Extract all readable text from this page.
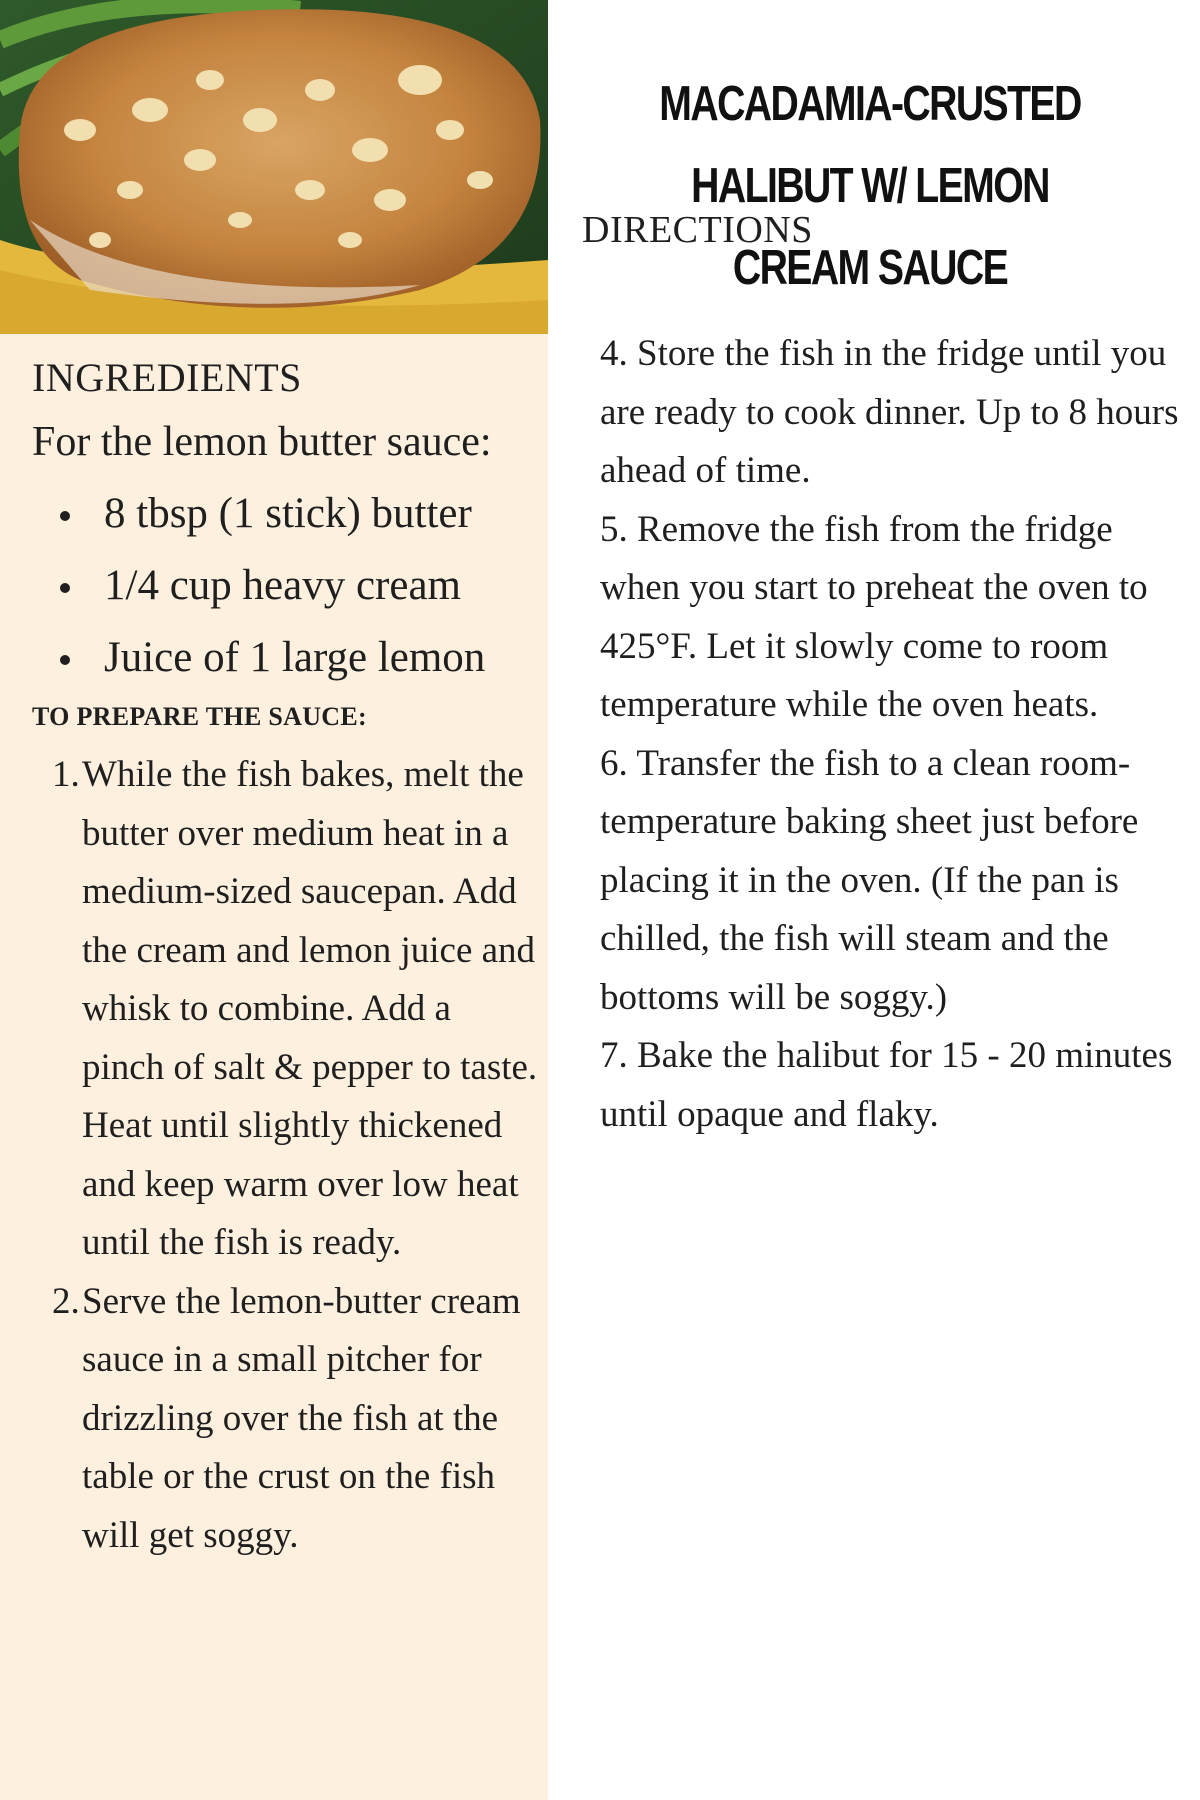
INGREDIENTS

For the lemon butter sauce:

8 tbsp (1 stick) butter
1/4 cup heavy cream
Juice of 1 large lemon
TO PREPARE THE SAUCE:
1. While the fish bakes, melt the butter over medium heat in a medium-sized saucepan. Add the cream and lemon juice and whisk to combine. Add a pinch of salt & pepper to taste. Heat until slightly thickened and keep warm over low heat until the fish is ready.
2. Serve the lemon-butter cream sauce in a small pitcher for drizzling over the fish at the table or the crust on the fish will get soggy.
MACADAMIA-CRUSTED HALIBUT W/ LEMON CREAM SAUCE
DIRECTIONS

4. Store the fish in the fridge until you are ready to cook dinner. Up to 8 hours ahead of time.

5. Remove the fish from the fridge when you start to preheat the oven to 425°F. Let it slowly come to room temperature while the oven heats.

6. Transfer the fish to a clean room-temperature baking sheet just before placing it in the oven. (If the pan is chilled, the fish will steam and the bottoms will be soggy.)

7. Bake the halibut for 15 - 20 minutes until opaque and flaky.
